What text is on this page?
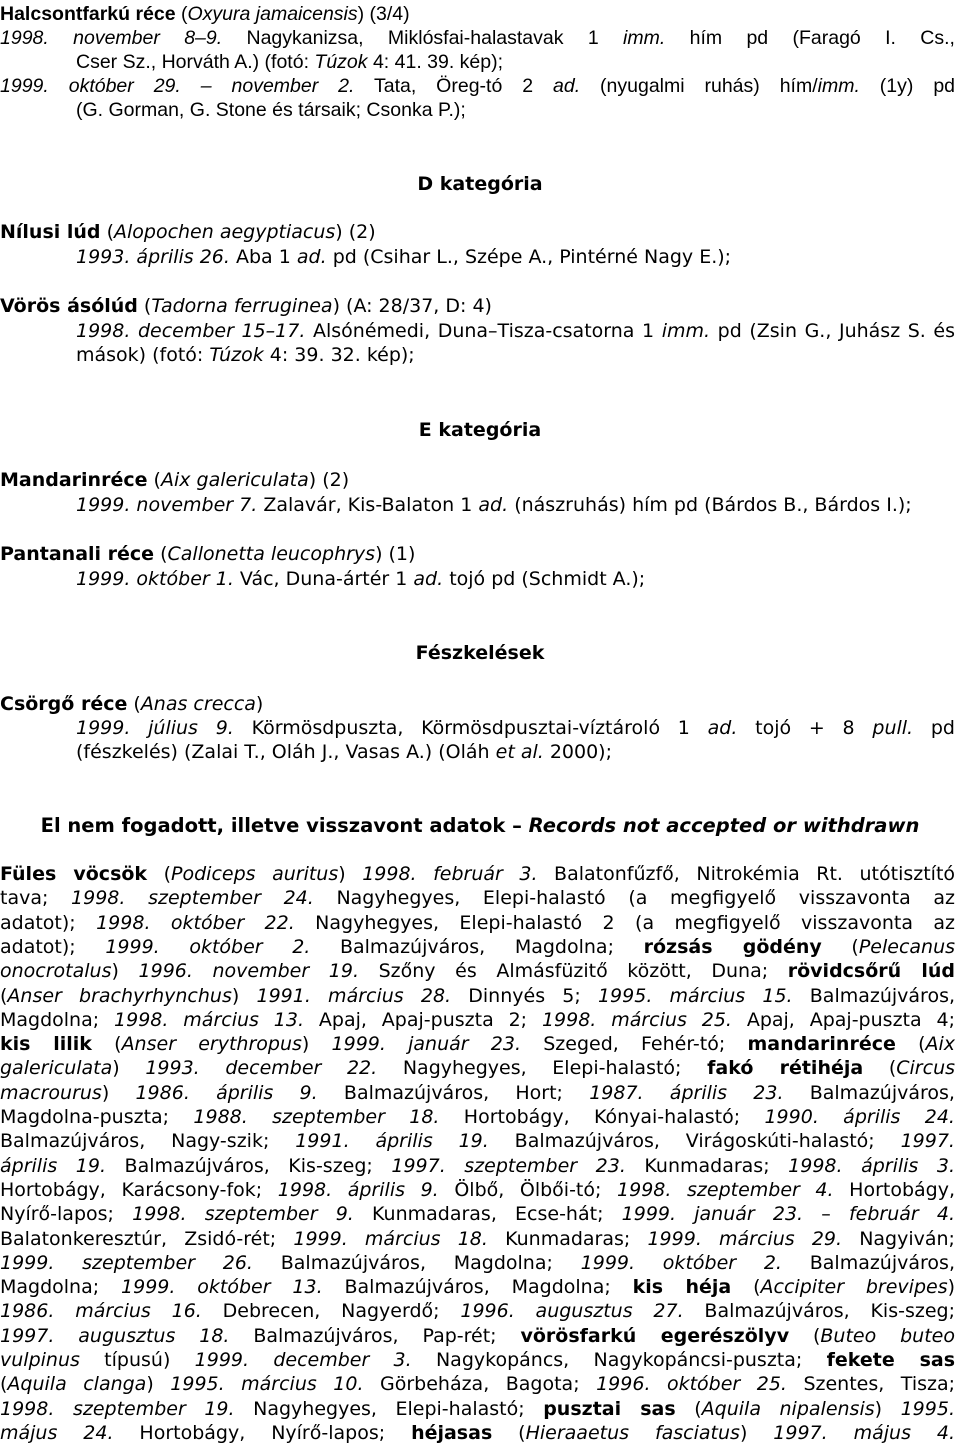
Halcsontfarkú réce (Oxyura jamaicensis) (3/4)
1998. november 8–9. Nagykanizsa, Miklósfai-halastavak 1 imm. hím pd (Faragó I. Cs.,
Cser Sz., Horváth A.) (fotó: Túzok 4: 41. 39. kép);
1999. október 29. – november 2. Tata, Öreg-tó 2 ad. (nyugalmi ruhás) hím/imm. (1y) pd
(G. Gorman, G. Stone és társaik; Csonka P.);
D kategória
Nílusi lúd (Alopochen aegyptiacus) (2)
1993. április 26. Aba 1 ad. pd (Csihar L., Szépe A., Pintérné Nagy E.);
Vörös ásólúd (Tadorna ferruginea) (A: 28/37, D: 4)
1998. december 15–17. Alsónémedi, Duna–Tisza-csatorna 1 imm. pd (Zsin G., Juhász S. és
mások) (fotó: Túzok 4: 39. 32. kép);
E kategória
Mandarinréce (Aix galericulata) (2)
1999. november 7. Zalavár, Kis-Balaton 1 ad. (nászruhás) hím pd (Bárdos B., Bárdos I.);
Pantanali réce (Callonetta leucophrys) (1)
1999. október 1. Vác, Duna-ártér 1 ad. tojó pd (Schmidt A.);
Fészkelések
Csörgő réce (Anas crecca)
1999. július 9. Körmösdpuszta, Körmösdpusztai-víztároló 1 ad. tojó + 8 pull. pd
(fészkelés) (Zalai T., Oláh J., Vasas A.) (Oláh et al. 2000);
El nem fogadott, illetve visszavont adatok – Records not accepted or withdrawn
Füles vöcsök (Podiceps auritus) 1998. február 3. Balatonfűzfő, Nitrokémia Rt. utótisztító
tava; 1998. szeptember 24. Nagyhegyes, Elepi-halastó (a megfigyelő visszavonta az
adatot); 1998. október 22. Nagyhegyes, Elepi-halastó 2 (a megfigyelő visszavonta az
adatot); 1999. október 2. Balmazújváros, Magdolna; rózsás gödény (Pelecanus
onocrotalus) 1996. november 19. Szőny és Almásfüzitő között, Duna; rövidcsőrű lúd
(Anser brachyrhynchus) 1991. március 28. Dinnyés 5; 1995. március 15. Balmazújváros,
Magdolna; 1998. március 13. Apaj, Apaj-puszta 2; 1998. március 25. Apaj, Apaj-puszta 4;
kis lilik (Anser erythropus) 1999. január 23. Szeged, Fehér-tó; mandarinréce (Aix
galericulata) 1993. december 22. Nagyhegyes, Elepi-halastó; fakó rétihéja (Circus
macrourus) 1986. április 9. Balmazújváros, Hort; 1987. április 23. Balmazújváros,
Magdolna-puszta; 1988. szeptember 18. Hortobágy, Kónyai-halastó; 1990. április 24.
Balmazújváros, Nagy-szik; 1991. április 19. Balmazújváros, Virágoskúti-halastó; 1997.
április 19. Balmazújváros, Kis-szeg; 1997. szeptember 23. Kunmadaras; 1998. április 3.
Hortobágy, Karácsony-fok; 1998. április 9. Ölbő, Ölbői-tó; 1998. szeptember 4. Hortobágy,
Nyírő-lapos; 1998. szeptember 9. Kunmadaras, Ecse-hát; 1999. január 23. – február 4.
Balatonkeresztúr, Zsidó-rét; 1999. március 18. Kunmadaras; 1999. március 29. Nagyiván;
1999. szeptember 26. Balmazújváros, Magdolna; 1999. október 2. Balmazújváros,
Magdolna; 1999. október 13. Balmazújváros, Magdolna; kis héja (Accipiter brevipes)
1986. március 16. Debrecen, Nagyerdő; 1996. augusztus 27. Balmazújváros, Kis-szeg;
1997. augusztus 18. Balmazújváros, Pap-rét; vörösfarkú egerészölyv (Buteo buteo
vulpinus típusú) 1999. december 3. Nagykopáncs, Nagykopáncsi-puszta; fekete sas
(Aquila clanga) 1995. március 10. Görbeháza, Bagota; 1996. október 25. Szentes, Tisza;
1998. szeptember 19. Nagyhegyes, Elepi-halastó; pusztai sas (Aquila nipalensis) 1995.
május 24. Hortobágy, Nyírő-lapos; héjasas (Hieraaetus fasciatus) 1997. május 4.
